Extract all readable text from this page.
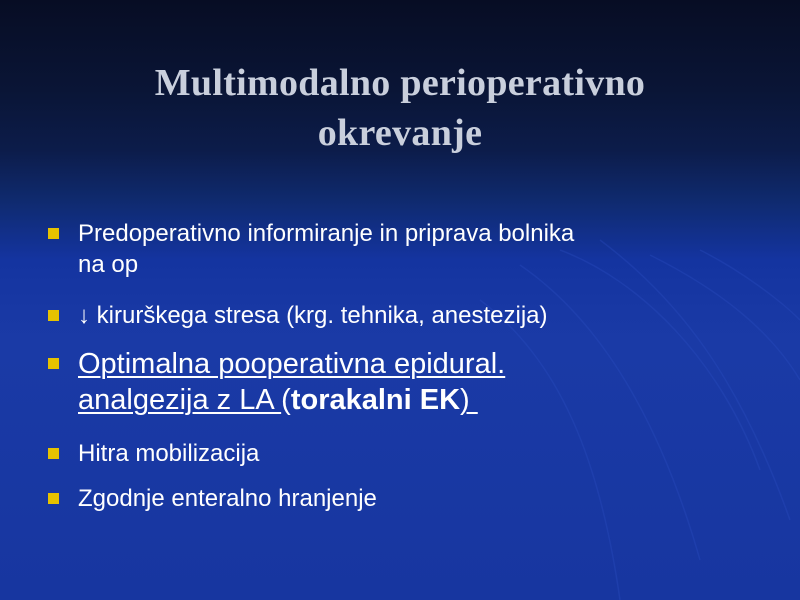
Multimodalno perioperativno
okrevanje
Predoperativno informiranje in priprava bolnika
na op
↓ kirurškega stresa (krg. tehnika, anestezija)
Optimalna pooperativna epidural.
analgezija z LA (torakalni EK)
Hitra mobilizacija
Zgodnje enteralno hranjenje
